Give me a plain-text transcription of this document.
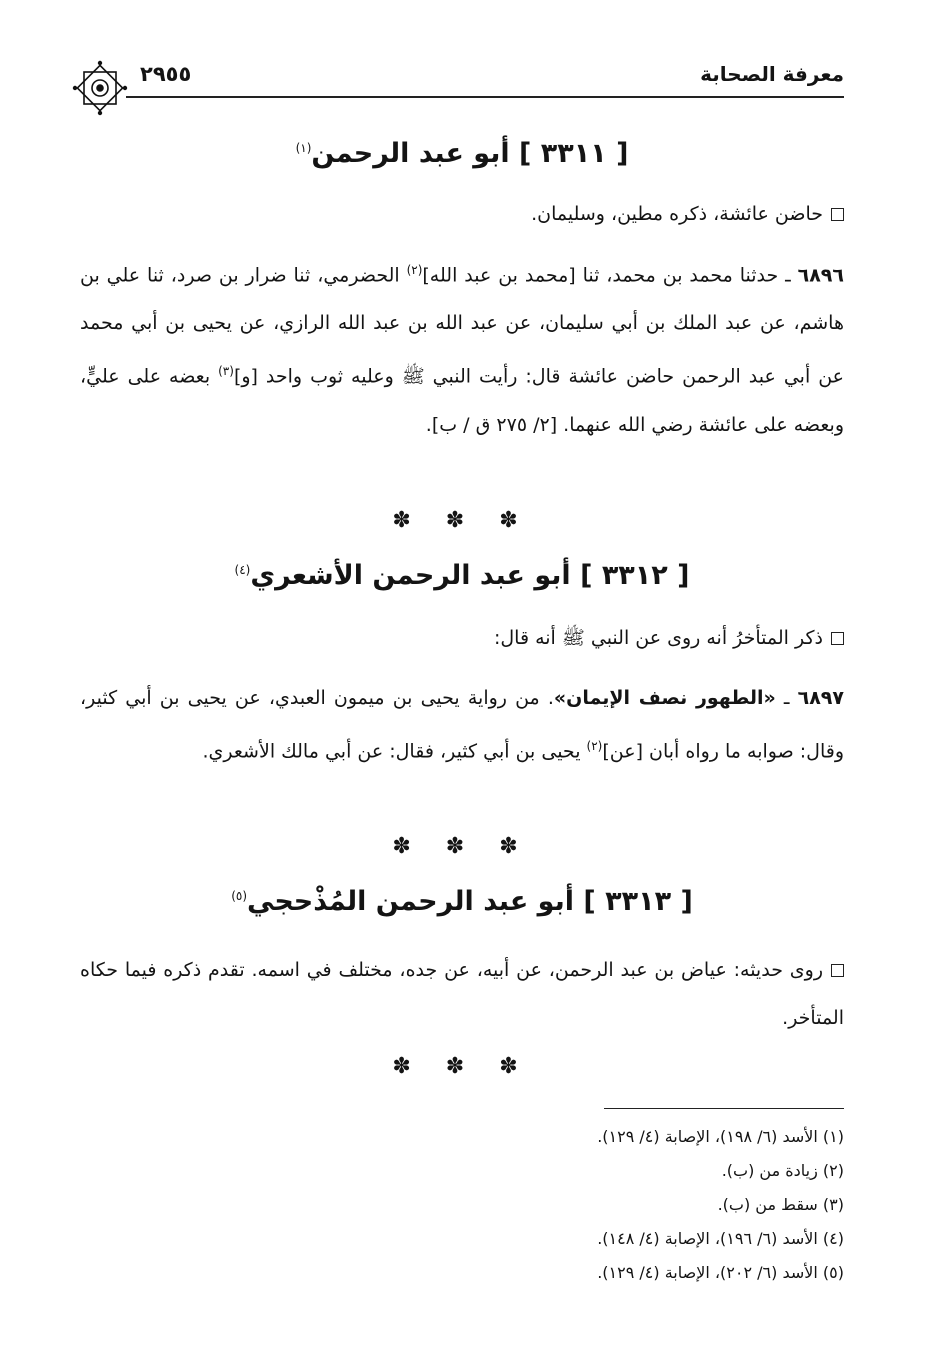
معرفة الصحابة
٢٩٥٥
[ ٣٣١١ ] أبو عبد الرحمن$^{(١)}$
حاضن عائشة، ذكره مطين، وسليمان.
٦٨٩٦ ـ حدثنا محمد بن محمد، ثنا [محمد بن عبد الله]$^{(٢)}$ الحضرمي، ثنا ضرار بن صرد، ثنا علي بن هاشم، عن عبد الملك بن أبي سليمان، عن عبد الله بن عبد الله الرازي، عن يحيى بن أبي محمد عن أبي عبد الرحمن حاضن عائشة قال: رأيت النبي ﷺ وعليه ثوب واحد [و]$^{(٣)}$ بعضه على عليٍّ، وبعضه على عائشة رضي الله عنهما. [٢/ ٢٧٥ ق / ب].
✽ ✽ ✽
[ ٣٣١٢ ] أبو عبد الرحمن الأشعري$^{(٤)}$
ذكر المتأخرُ أنه روى عن النبي ﷺ أنه قال:
٦٨٩٧ ـ «الطهور نصف الإيمان». من رواية يحيى بن ميمون العبدي، عن يحيى بن أبي كثير، وقال: صوابه ما رواه أبان [عن]$^{(٢)}$ يحيى بن أبي كثير، فقال: عن أبي مالك الأشعري.
✽ ✽ ✽
[ ٣٣١٣ ] أبو عبد الرحمن المُذْحجي$^{(٥)}$
روى حديثه: عياض بن عبد الرحمن، عن أبيه، عن جده، مختلف في اسمه. تقدم ذكره فيما حكاه المتأخر.
✽ ✽ ✽
(١) الأسد (٦/ ١٩٨)، الإصابة (٤/ ١٢٩).
(٢) زيادة من (ب).
(٣) سقط من (ب).
(٤) الأسد (٦/ ١٩٦)، الإصابة (٤/ ١٤٨).
(٥) الأسد (٦/ ٢٠٢)، الإصابة (٤/ ١٢٩).
